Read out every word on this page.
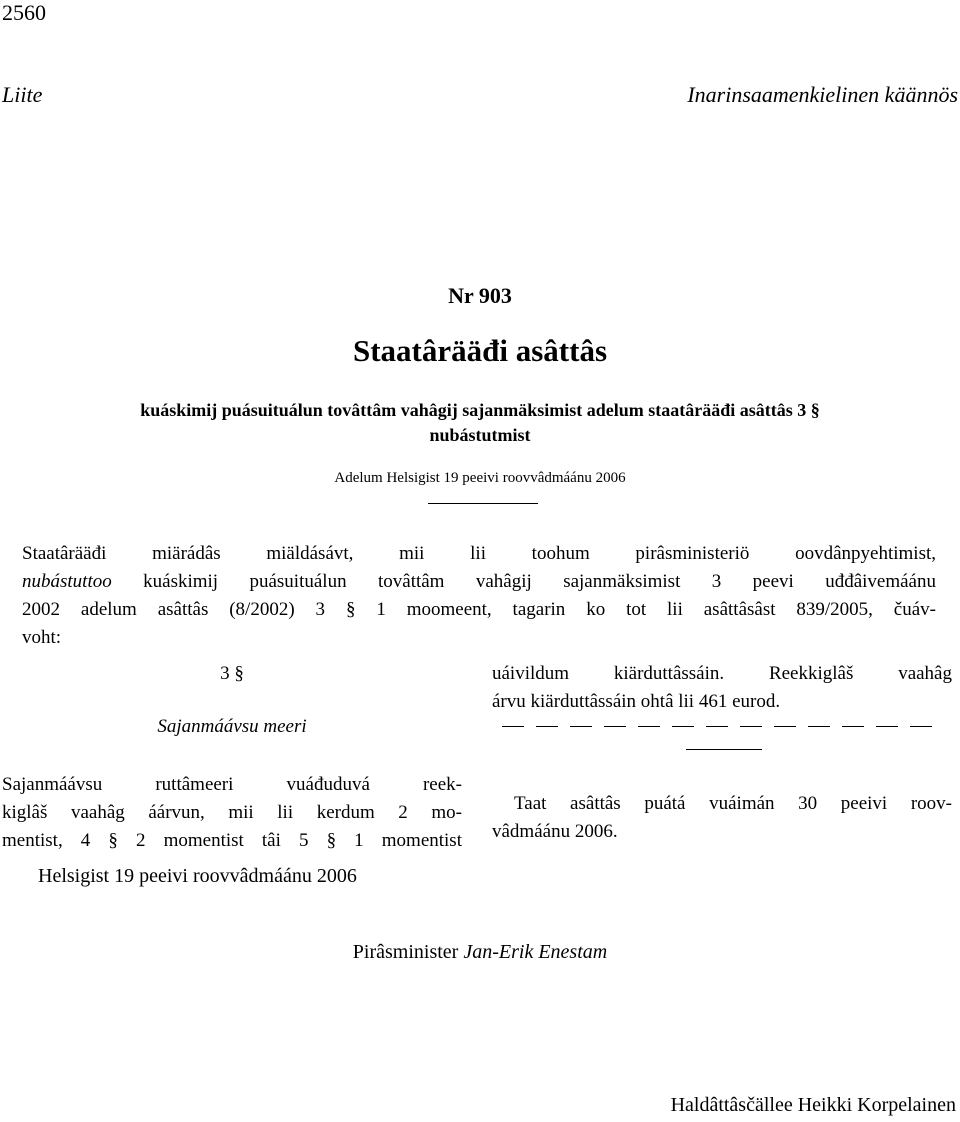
2560
Liite	Inarinsaamenkielinen käännös
Nr 903
Staatârääđi asâttâs
kuáskimij puásuituálun tovâttâm vahâgij sajanmäksimist adelum staatârääđi asâttâs 3 §
nubástutmist
Adelum Helsigist 19 peeivi roovvâdmáánu 2006
Staatârääđi miärádâs miäldásávt, mii lii toohum pirâsministeriö oovdânpyehtimist,
nubástuttoo kuáskimij puásuituálun tovâttâm vahâgij sajanmäksimist 3 peevi uđđâivemáánu
2002 adelum asâttâs (8/2002) 3 § 1 moomeent, tagarin ko tot lii asâttâsâst 839/2005, čuáv-
voht:
3 §
Sajanmáávsu meeri
Sajanmáávsu ruttâmeeri vuáđuduvá reek-
kiglâš vaahâg áárvun, mii lii kerdum 2 mo-
mentist, 4 § 2 momentist tâi 5 § 1 momentist
uáivildum kiärduttâssáin. Reekkiglâš vaahâg
árvu kiärduttâssáin ohtâ lii 461 eurod.
Taat asâttâs puátá vuáimán 30 peeivi roov-
vâdmáánu 2006.
Helsigist 19 peeivi roovvâdmáánu 2006
Pirâsminister Jan-Erik Enestam
Haldâttâsčällee Heikki Korpelainen
